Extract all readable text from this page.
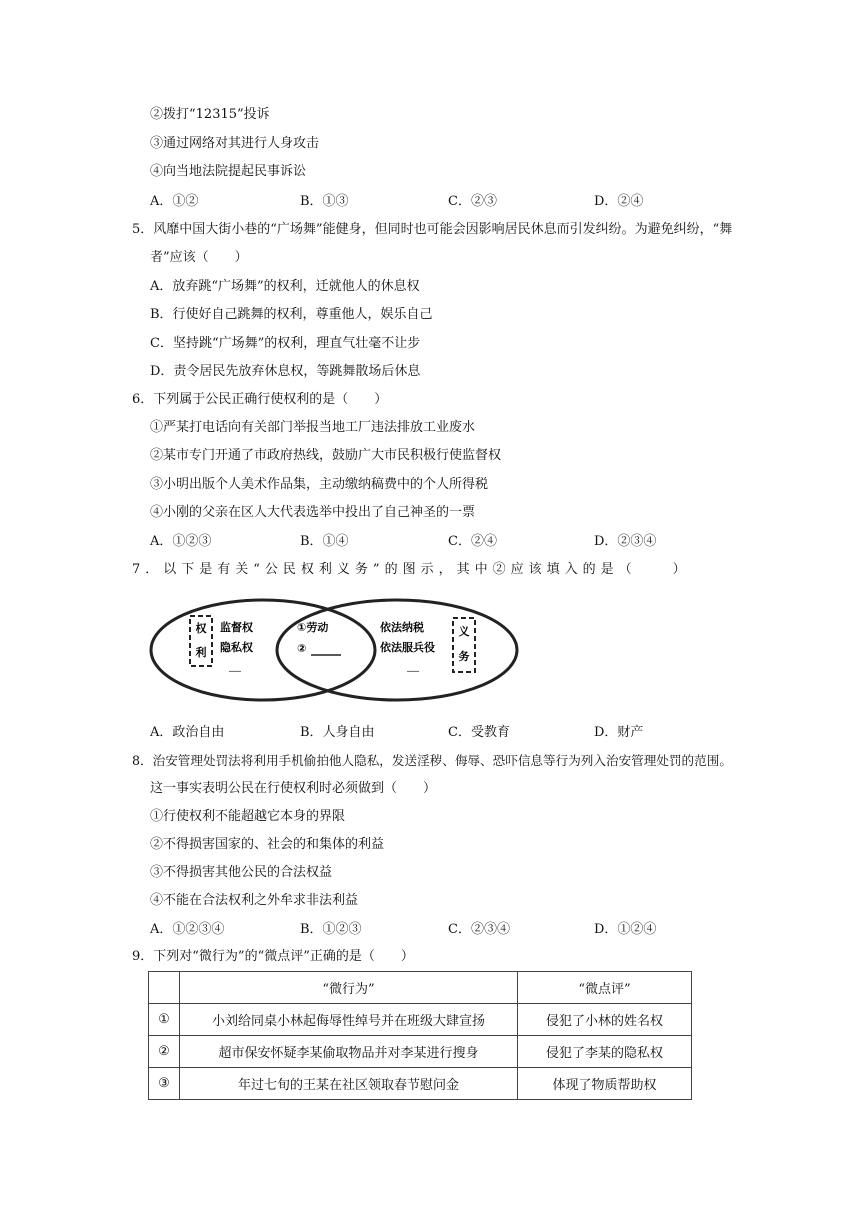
②拨打“12315”投诉
③通过网络对其进行人身攻击
④向当地法院提起民事诉讼
A．①②	B．①③	C．②③	D．②④
5．风靡中国大街小巷的“广场舞”能健身，但同时也可能会因影响居民休息而引发纠纷。为避免纠纷，“舞
者”应该（　　）
A．放弃跳“广场舞”的权利，迁就他人的休息权
B．行使好自己跳舞的权利，尊重他人，娱乐自己
C．坚持跳“广场舞”的权利，理直气壮毫不让步
D．责令居民先放弃休息权，等跳舞散场后休息
6．下列属于公民正确行使权利的是（　　）
①严某打电话向有关部门举报当地工厂违法排放工业废水
②某市专门开通了市政府热线，鼓励广大市民积极行使监督权
③小明出版个人美术作品集，主动缴纳稿费中的个人所得税
④小刚的父亲在区人大代表选举中投出了自己神圣的一票
A．①②③	B．①④	C．②④	D．②③④
7．以下是有关“公民权利义务”的图示，其中②应该填入的是（　　）
权
利
监督权
隐私权
……
①劳动
②
依法纳税
依法服兵役
……
义
务
A．政治自由	B．人身自由	C．受教育	D．财产
8．治安管理处罚法将利用手机偷拍他人隐私，发送淫秽、侮辱、恐吓信息等行为列入治安管理处罚的范围。
这一事实表明公民在行使权利时必须做到（　　）
①行使权利不能超越它本身的界限
②不得损害国家的、社会的和集体的利益
③不得损害其他公民的合法权益
④不能在合法权利之外牟求非法利益
A．①②③④	B．①②③	C．②③④	D．①②④
9．下列对“微行为”的“微点评”正确的是（　　）
	“微行为”	“微点评”
①	小刘给同桌小林起侮辱性绰号并在班级大肆宣扬	侵犯了小林的姓名权
②	超市保安怀疑李某偷取物品并对李某进行搜身	侵犯了李某的隐私权
③	年过七旬的王某在社区领取春节慰问金	体现了物质帮助权
